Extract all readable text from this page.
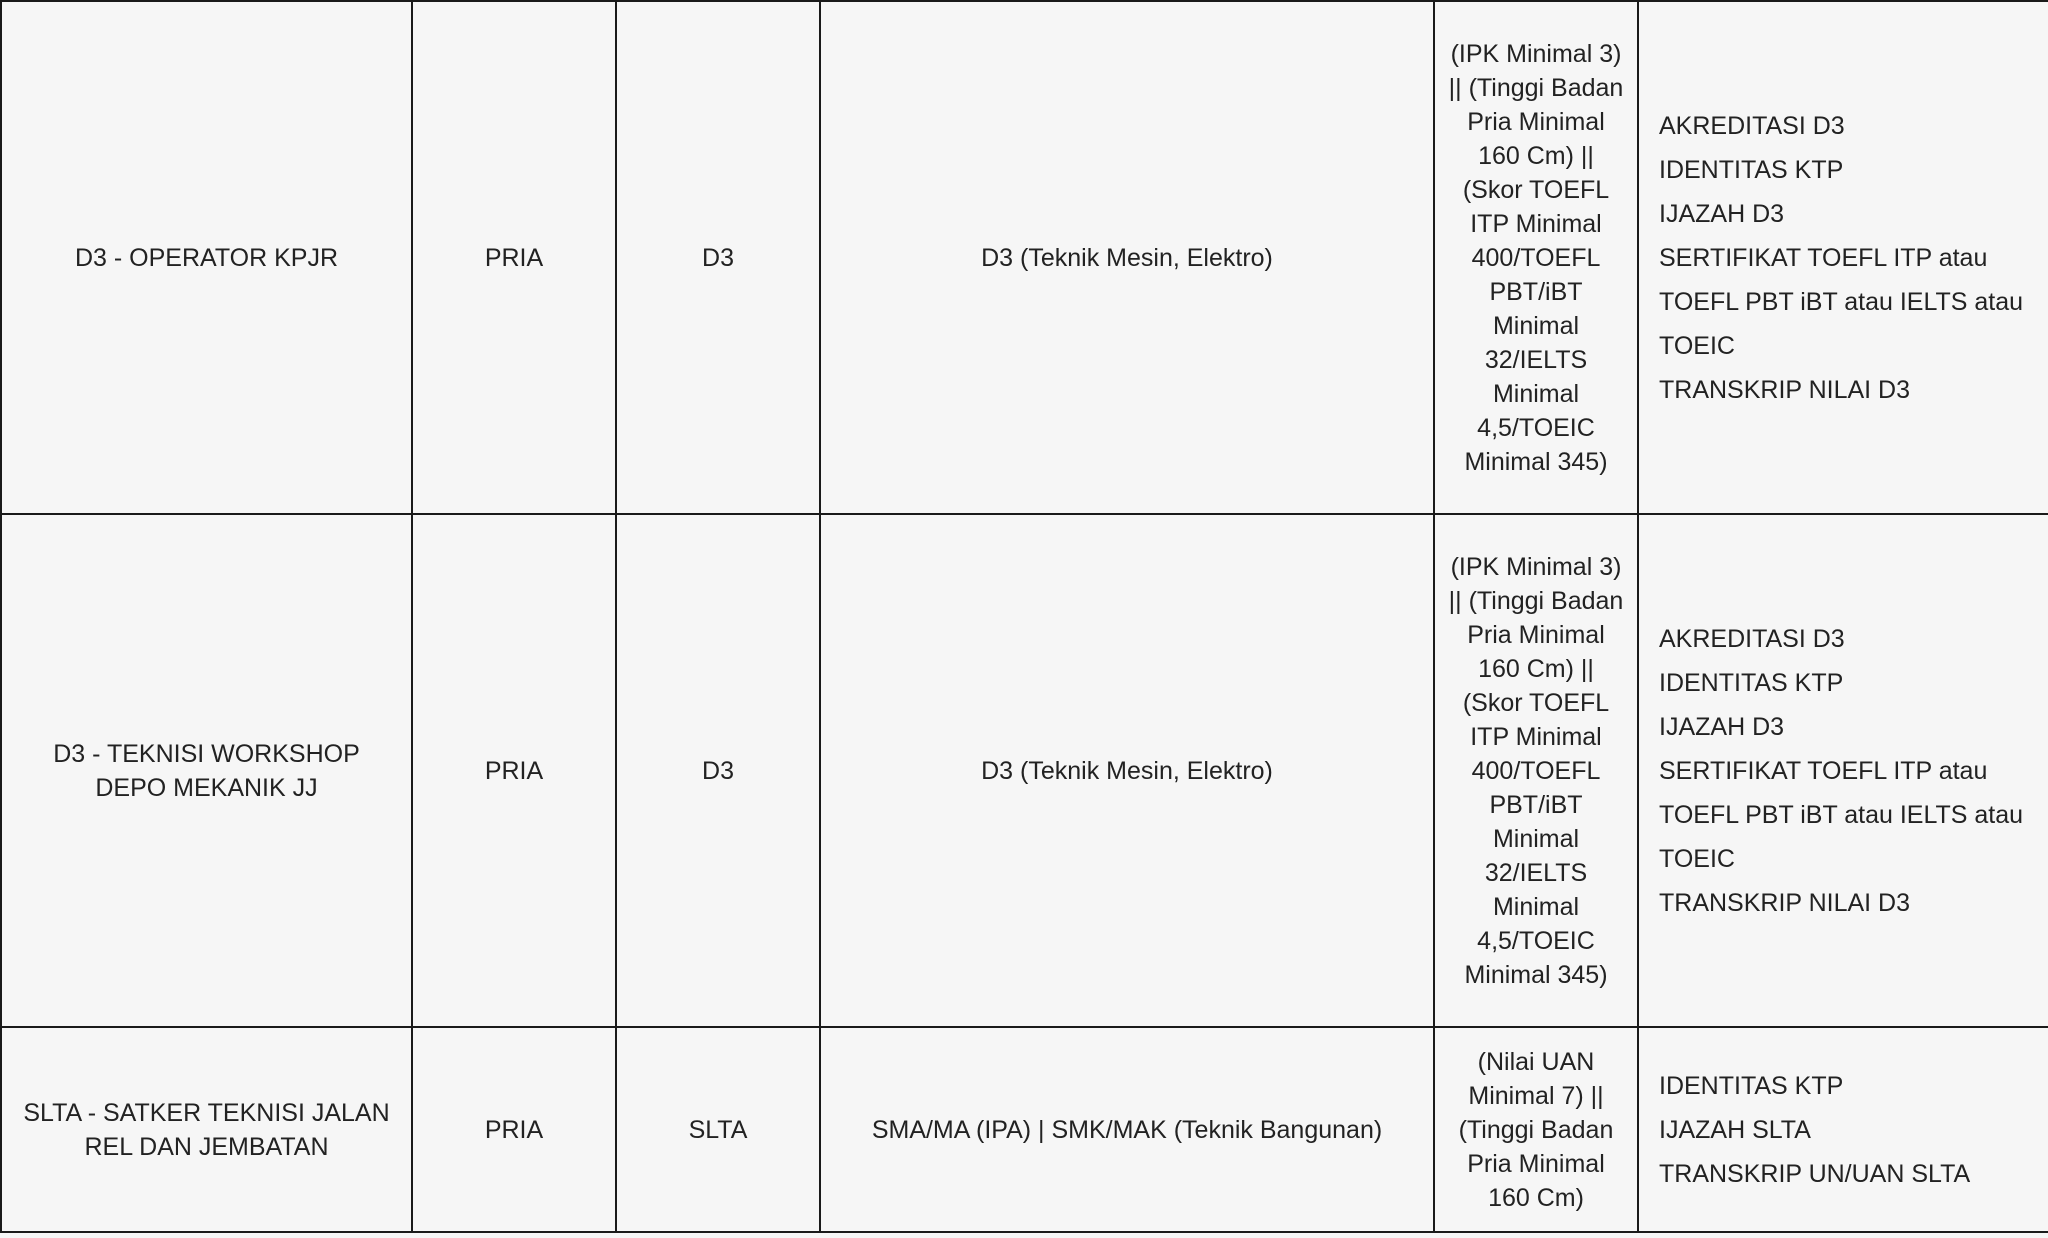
D3 - OPERATOR KPJR	PRIA	D3	D3 (Teknik Mesin, Elektro)	(IPK Minimal 3) || (Tinggi Badan Pria Minimal 160 Cm) || (Skor TOEFL ITP Minimal 400/TOEFL PBT/iBT Minimal 32/IELTS Minimal 4,5/TOEIC Minimal 345)	AKREDITASI D3
IDENTITAS KTP
IJAZAH D3
SERTIFIKAT TOEFL ITP atau TOEFL PBT iBT atau IELTS atau TOEIC
TRANSKRIP NILAI D3

D3 - TEKNISI WORKSHOP DEPO MEKANIK JJ	PRIA	D3	D3 (Teknik Mesin, Elektro)	(IPK Minimal 3) || (Tinggi Badan Pria Minimal 160 Cm) || (Skor TOEFL ITP Minimal 400/TOEFL PBT/iBT Minimal 32/IELTS Minimal 4,5/TOEIC Minimal 345)	AKREDITASI D3
IDENTITAS KTP
IJAZAH D3
SERTIFIKAT TOEFL ITP atau TOEFL PBT iBT atau IELTS atau TOEIC
TRANSKRIP NILAI D3

SLTA - SATKER TEKNISI JALAN REL DAN JEMBATAN	PRIA	SLTA	SMA/MA (IPA) | SMK/MAK (Teknik Bangunan)	(Nilai UAN Minimal 7) || (Tinggi Badan Pria Minimal 160 Cm)	IDENTITAS KTP
IJAZAH SLTA
TRANSKRIP UN/UAN SLTA
